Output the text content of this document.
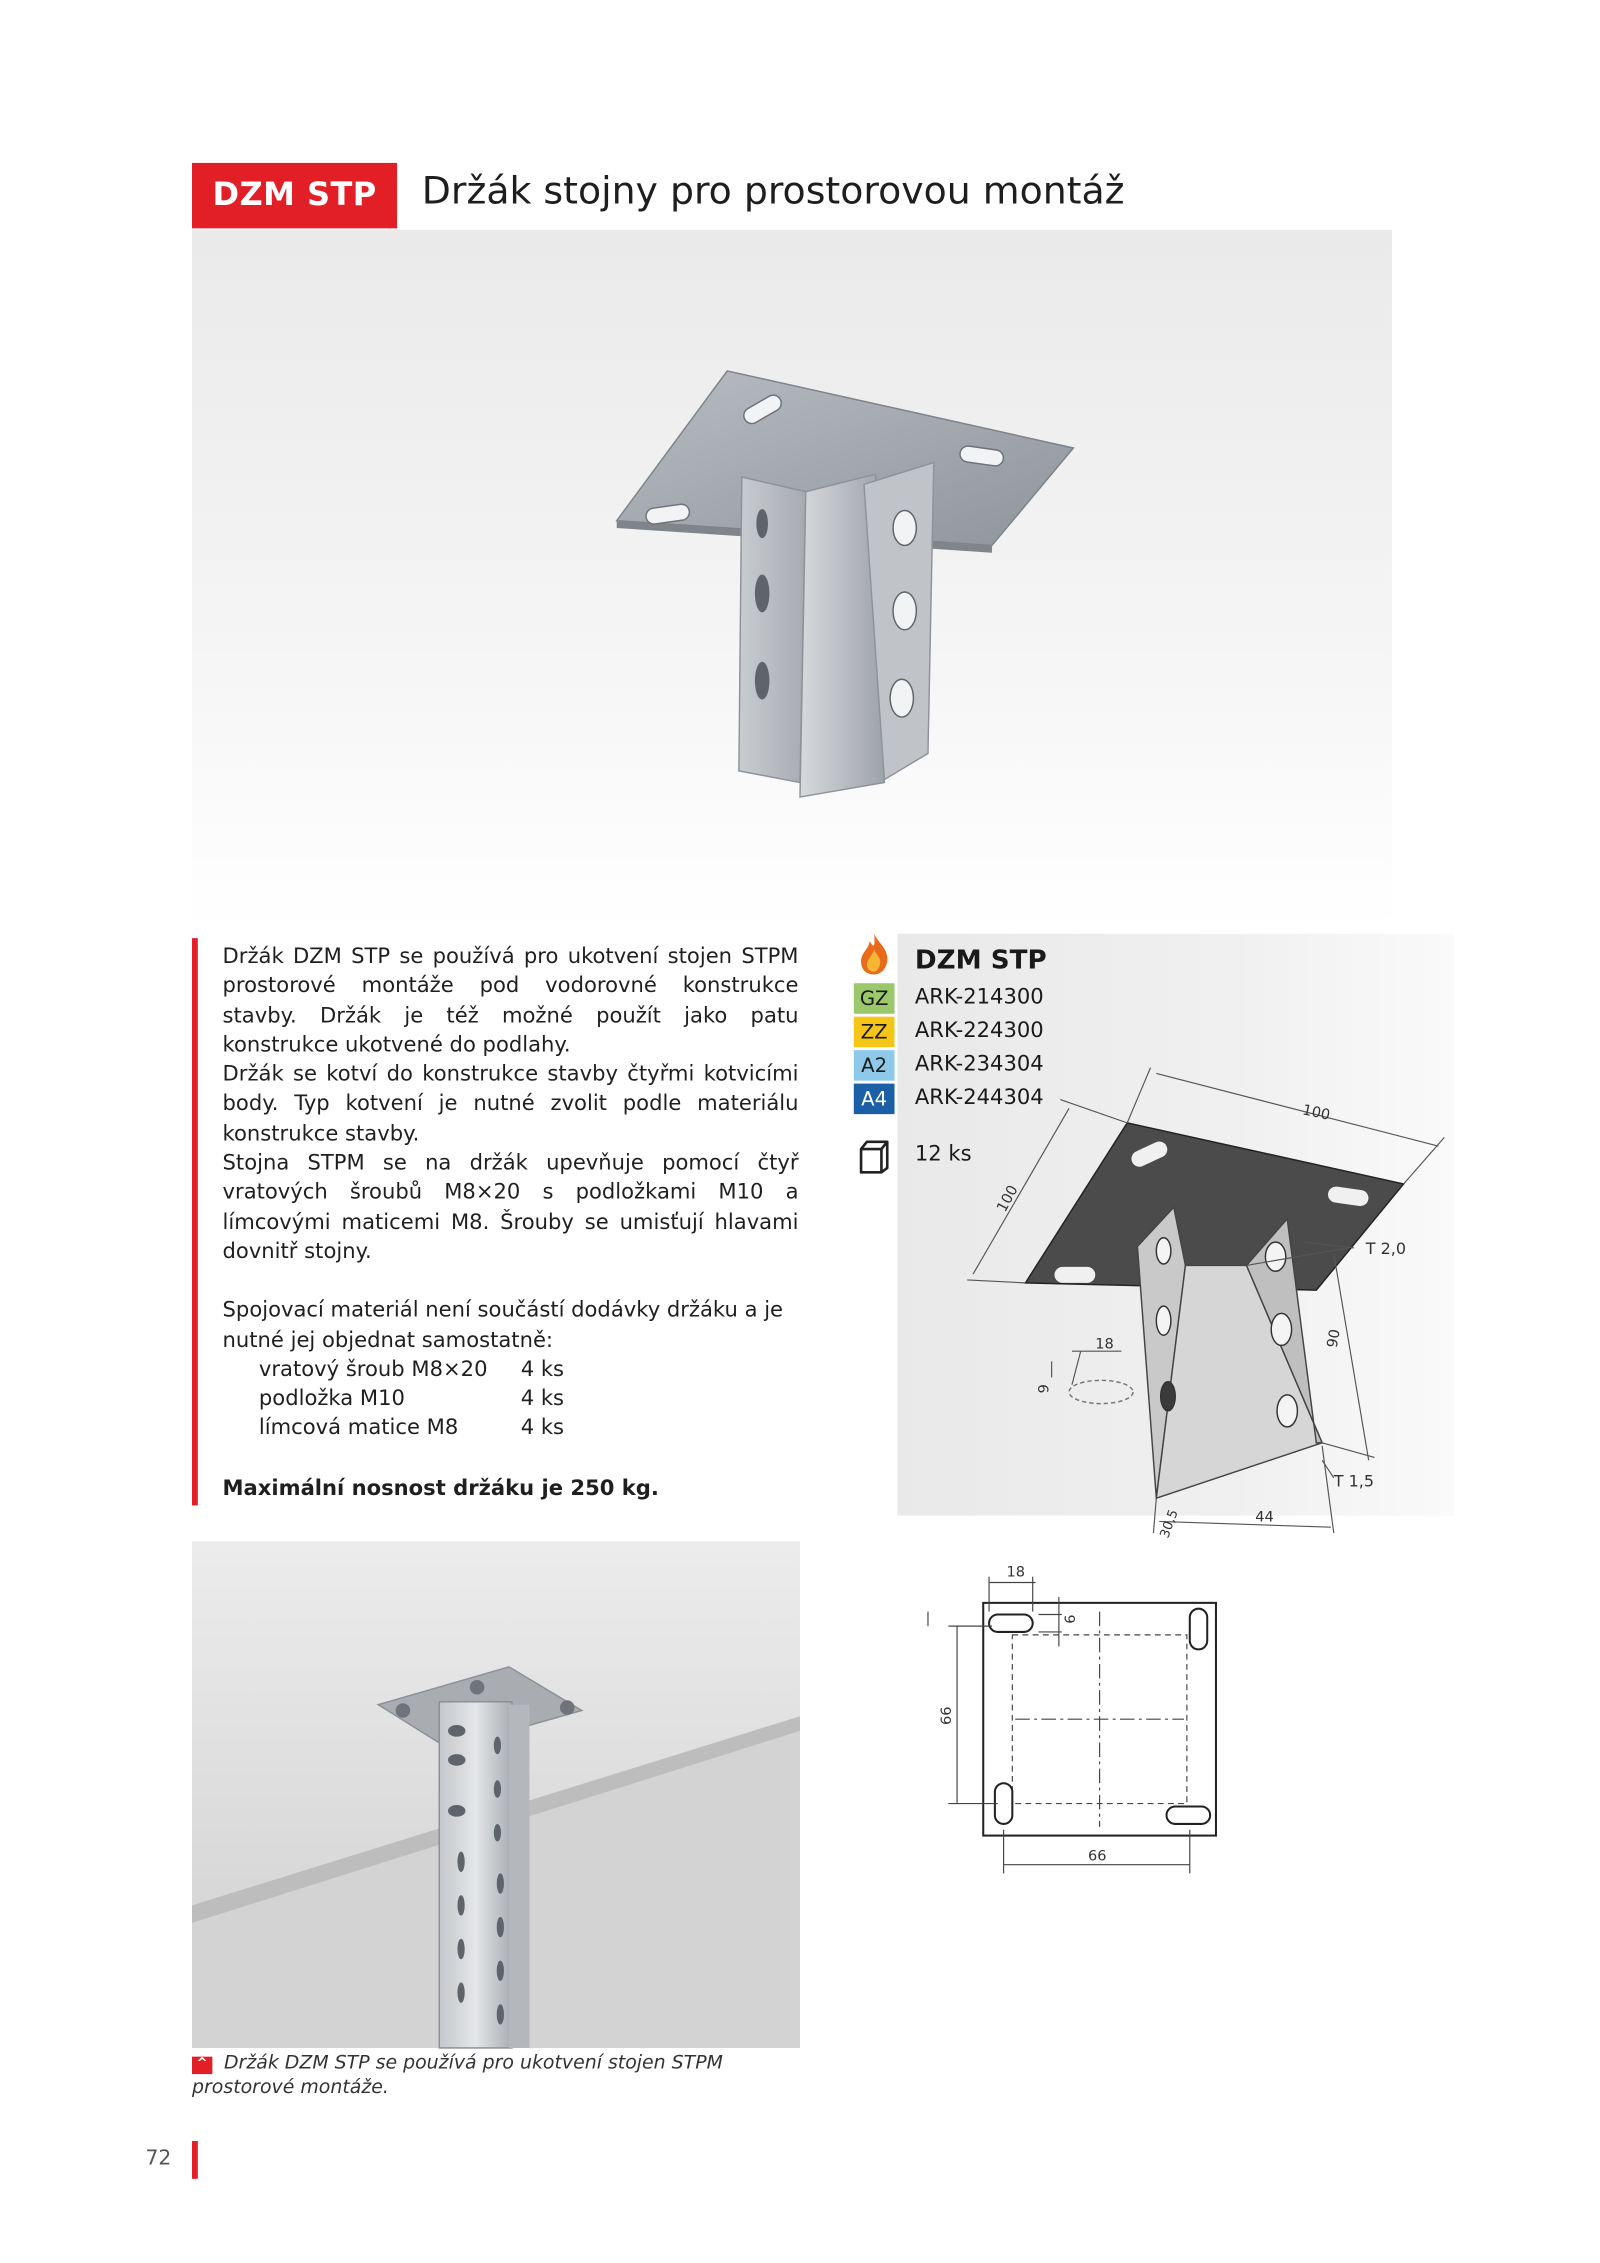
DZM STP	Držák stojny pro prostorovou montáž

Držák DZM STP se používá pro ukotvení stojen STPM prostorové montáže pod vodorovné konstrukce stavby. Držák je též možné použít jako patu konstrukce ukotvené do podlahy.

Držák se kotví do konstrukce stavby čtyřmi kotvicími body. Typ kotvení je nutné zvolit podle materiálu konstrukce stavby.

Stojna STPM se na držák upevňuje pomocí čtyř vratových šroubů M8×20 s podložkami M10 a límcovými maticemi M8. Šrouby se umisťují hlavami dovnitř stojny.

Spojovací materiál není součástí dodávky držáku a je nutné jej objednat samostatně:

vratový šroub M8×20	4 ks
podložka M10	4 ks
límcová matice M8	4 ks
Maximální nosnost držáku je 250 kg.
^ Držák DZM STP se používá pro ukotvení stojen STPM prostorové montáže.
100
100
90
18
9
44
30,5
T 2,0
T 1,5
DZM STP
GZ	ARK-214300
ZZ	ARK-224300
A2	ARK-234304
A4	ARK-244304
12 ks
18
9
66
66
72
